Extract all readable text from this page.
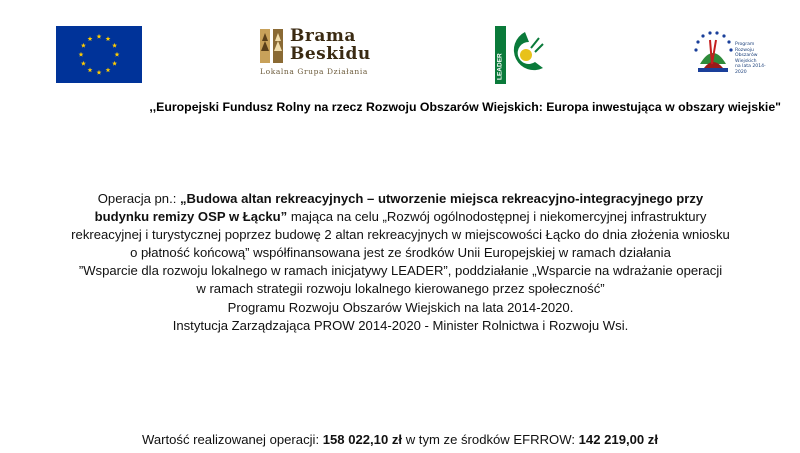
Brama
Beskidu
Lokalna Grupa Działania	LEADER
Program
Rozwoju
Obszarów
Wiejskich
na lata 2014-2020
,,Europejski Fundusz Rolny na rzecz Rozwoju Obszarów Wiejskich: Europa inwestująca w obszary wiejskie"
Operacja pn.: „Budowa altan rekreacyjnych – utworzenie miejsca rekreacyjno-integracyjnego przy
budynku remizy OSP w Łącku” mająca na celu „Rozwój ogólnodostępnej i niekomercyjnej infrastruktury
rekreacyjnej i turystycznej poprzez budowę 2 altan rekreacyjnych w miejscowości Łącko do dnia złożenia wniosku
o płatność końcową” współfinansowana jest ze środków Unii Europejskiej w ramach działania
”Wsparcie dla rozwoju lokalnego w ramach inicjatywy LEADER”, poddziałanie „Wsparcie na wdrażanie operacji
w ramach strategii rozwoju lokalnego kierowanego przez społeczność”
Programu Rozwoju Obszarów Wiejskich na lata 2014-2020.
Instytucja Zarządzająca PROW 2014-2020 - Minister Rolnictwa i Rozwoju Wsi.
Wartość realizowanej operacji: 158 022,10 zł w tym ze środków EFRROW: 142 219,00 zł
